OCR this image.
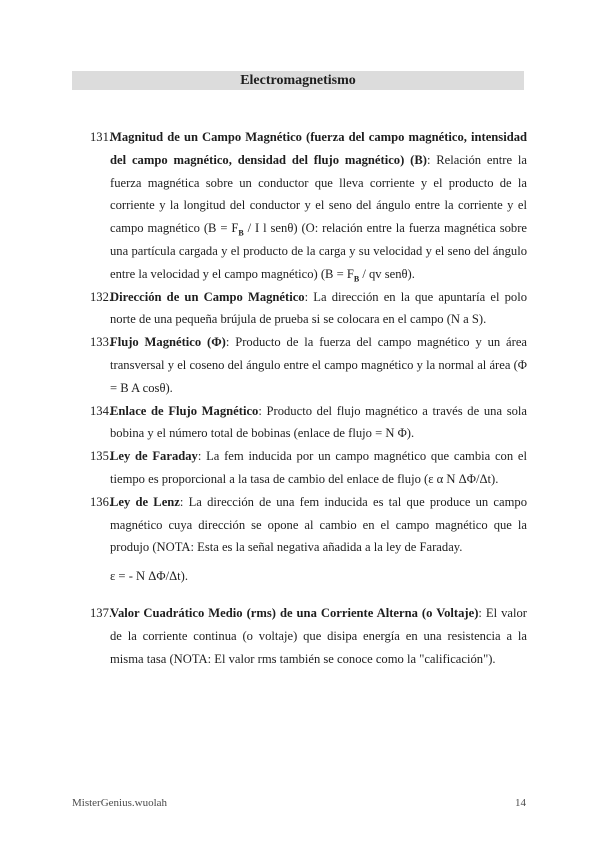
Electromagnetismo
131.
Magnitud de un Campo Magnético (fuerza del campo magnético, intensidad del campo magnético, densidad del flujo magnético) (B): Relación entre la fuerza magnética sobre un conductor que lleva corriente y el producto de la corriente y la longitud del conductor y el seno del ángulo entre la corriente y el campo magnético ($B = F_B / I$ l senθ) (O: relación entre la fuerza magnética sobre una partícula cargada y el producto de la carga y su velocidad y el seno del ángulo entre la velocidad y el campo magnético) ($B = F_B$ / qv senθ).
132.
Dirección de un Campo Magnético: La dirección en la que apuntaría el polo norte de una pequeña brújula de prueba si se colocara en el campo (N a S).
133.
Flujo Magnético (Φ): Producto de la fuerza del campo magnético y un área transversal y el coseno del ángulo entre el campo magnético y la normal al área (Φ = B A cosθ).
134.
Enlace de Flujo Magnético: Producto del flujo magnético a través de una sola bobina y el número total de bobinas (enlace de flujo = N Φ).
135.
Ley de Faraday: La fem inducida por un campo magnético que cambia con el tiempo es proporcional a la tasa de cambio del enlace de flujo (ε α N ΔΦ/Δt).
136.
Ley de Lenz: La dirección de una fem inducida es tal que produce un campo magnético cuya dirección se opone al cambio en el campo magnético que la produjo (NOTA: Esta es la señal negativa añadida a la ley de Faraday.
ε = - N ΔΦ/Δt).
137.
Valor Cuadrático Medio (rms) de una Corriente Alterna (o Voltaje): El valor de la corriente continua (o voltaje) que disipa energía en una resistencia a la misma tasa (NOTA: El valor rms también se conoce como la "calificación").
MisterGenius.wuolah	14
